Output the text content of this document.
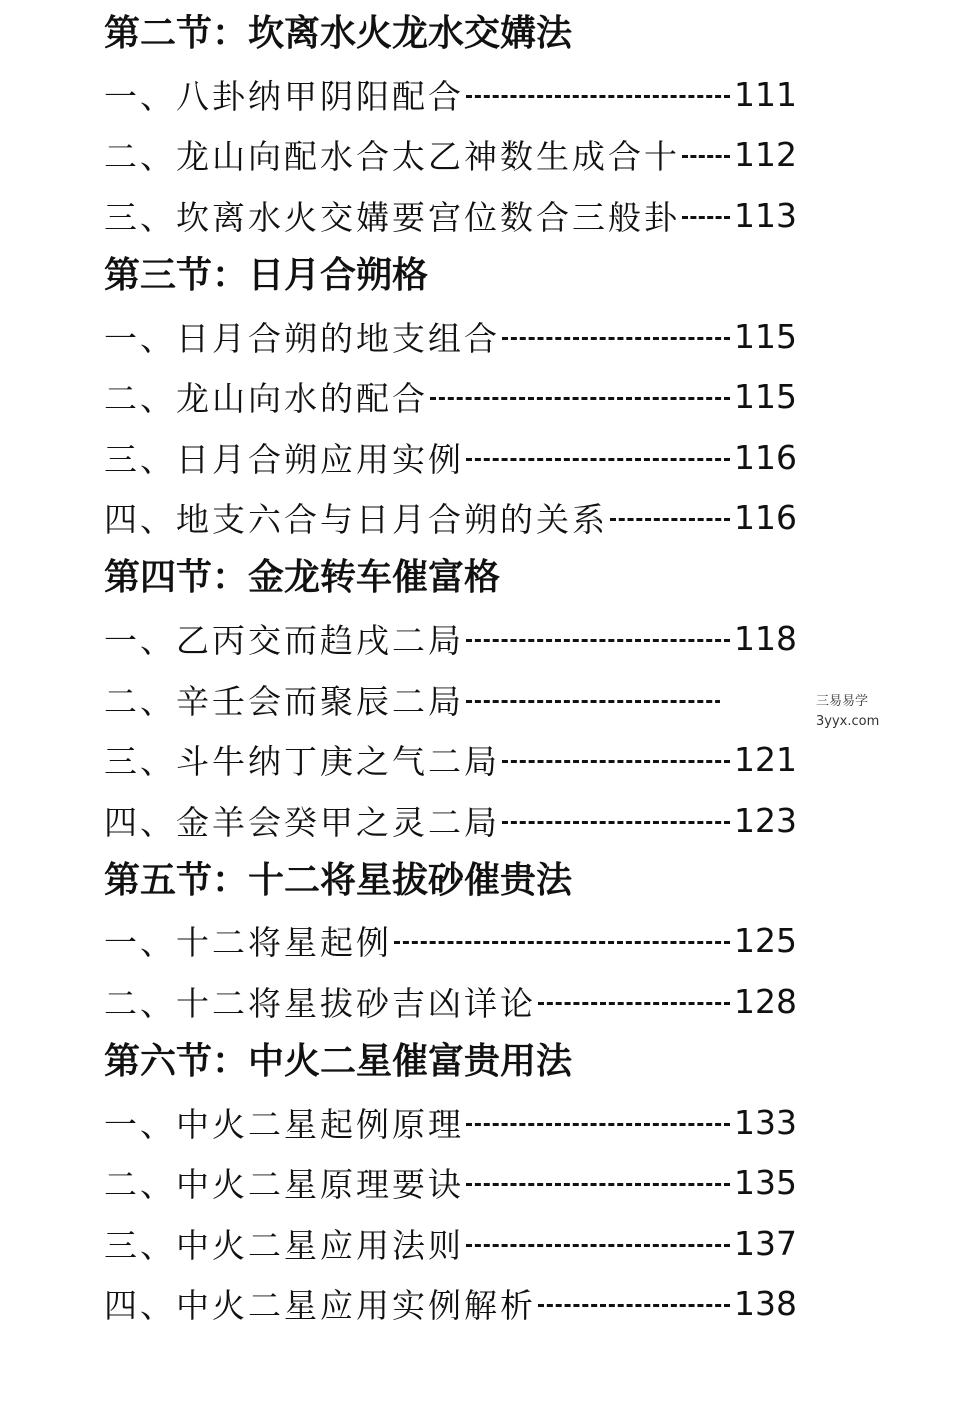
第二节：坎离水火龙水交媾法
一、八卦纳甲阴阳配合	111
二、龙山向配水合太乙神数生成合十 112
三、坎离水火交媾要宫位数合三般卦 113
第三节：日月合朔格
一、日月合朔的地支组合	115
二、龙山向水的配合	115
三、日月合朔应用实例	116
四、地支六合与日月合朔的关系	116
第四节：金龙转车催富格
一、乙丙交而趋戌二局	118
二、辛壬会而聚辰二局
三、斗牛纳丁庚之气二局	121
四、金羊会癸甲之灵二局	123
第五节：十二将星拔砂催贵法
一、十二将星起例	125
二、十二将星拔砂吉凶详论	128
第六节：中火二星催富贵用法
一、中火二星起例原理	133
二、中火二星原理要诀	135
三、中火二星应用法则	137
四、中火二星应用实例解析	138
三易易学
3yyx.com
